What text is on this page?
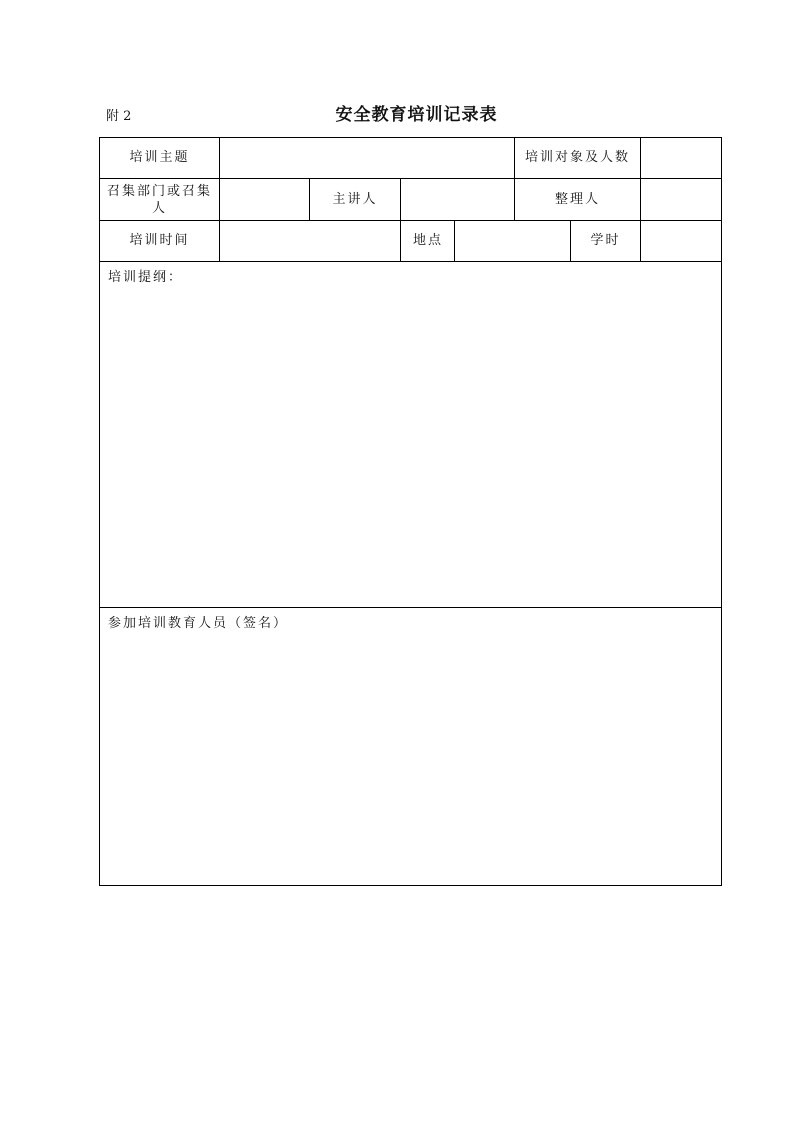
附 2	安全教育培训记录表
培训主题					培训对象及人数		
召集部门或召集人		主讲人			整理人		
培训时间			地点			学时	
培训提纲：							
参加培训教育人员（签名）							
